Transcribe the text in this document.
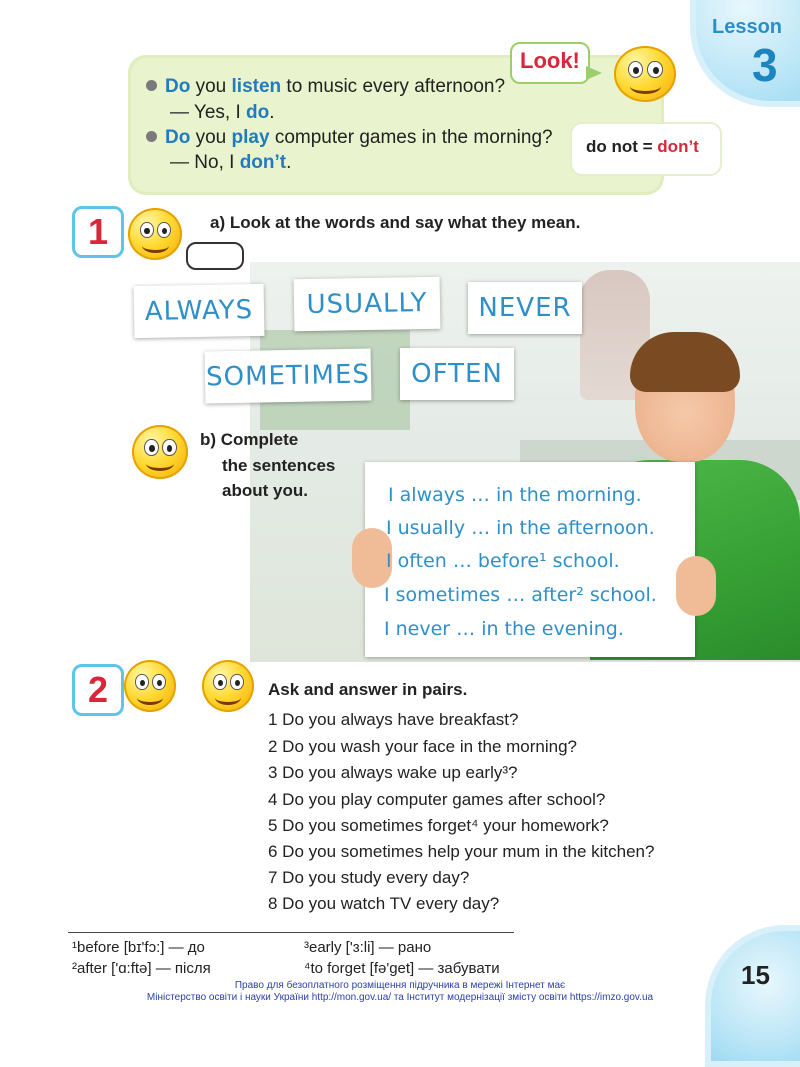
Lesson
3
Do you listen to music every afternoon?
— Yes, I do.
Do you play computer games in the morning?
— No, I don’t.
Look!
do not = don’t
1	a) Look at the words and say what they mean.
ALWAYS	USUALLY	NEVER
SOMETIMES	OFTEN
b) Complete
the sentences
about you.	I always … in the morning.
I usually … in the afternoon.
I often … before¹ school.
I sometimes … after² school.
I never … in the evening.
2	Ask and answer in pairs.
1 Do you always have breakfast?
2 Do you wash your face in the morning?
3 Do you always wake up early³?
4 Do you play computer games after school?
5 Do you sometimes forget⁴ your homework?
6 Do you sometimes help your mum in the kitchen?
7 Do you study every day?
8 Do you watch TV every day?
¹before [bɪ'fɔ:] — до
²after ['ɑ:ftə] — після
³early ['ɜ:li] — рано
⁴to forget [fə'get] — забувати	15
Право для безоплатного розміщення підручника в мережі Інтернет має
Міністерство освіти і науки України http://mon.gov.ua/ та Інститут модернізації змісту освіти https://imzo.gov.ua
